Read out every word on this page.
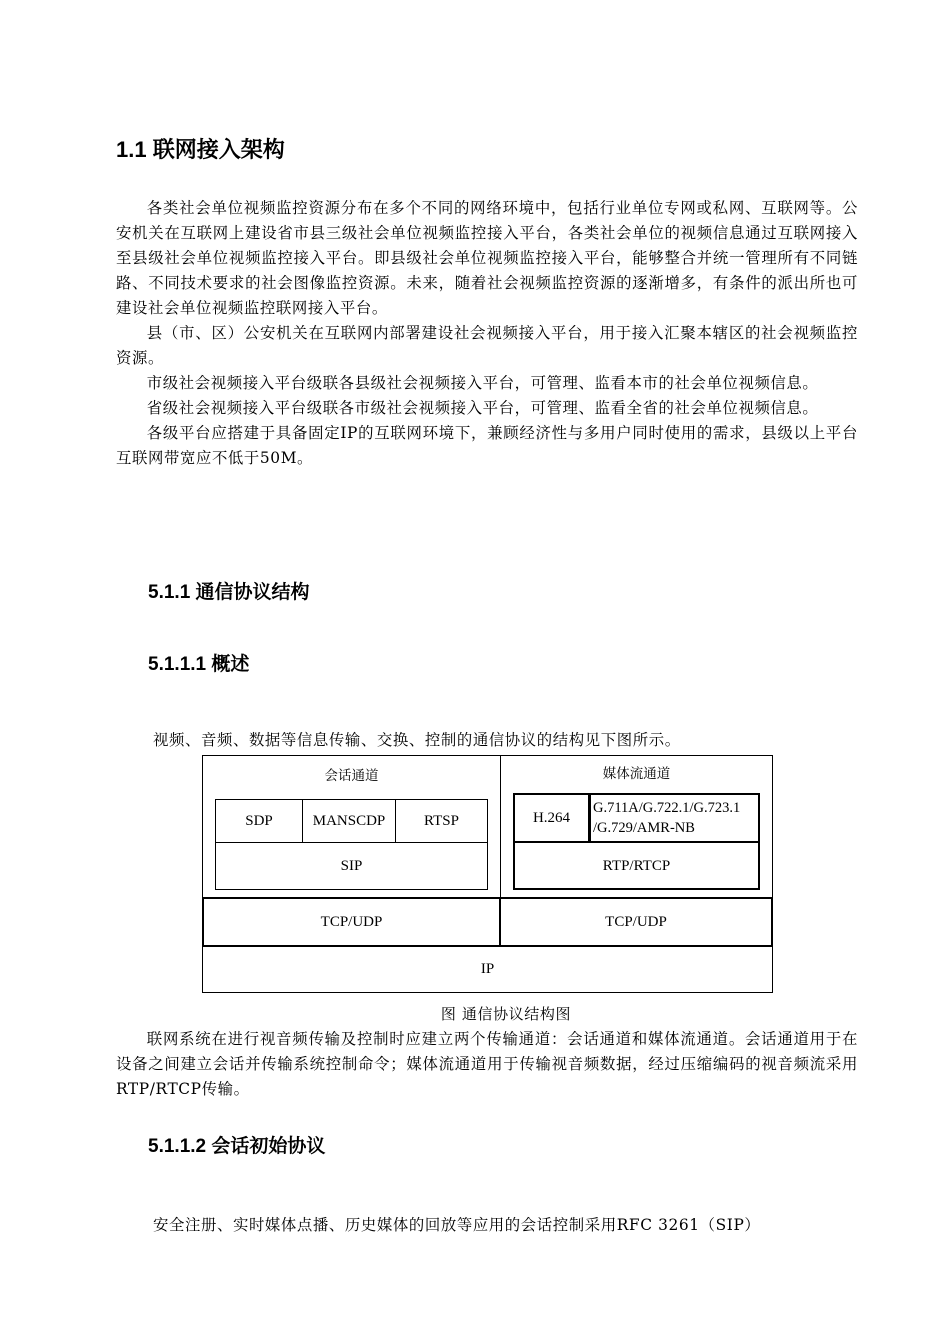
1.1 联网接入架构

各类社会单位视频监控资源分布在多个不同的网络环境中，包括行业单位专网或私网、互联网等。公安机关在互联网上建设省市县三级社会单位视频监控接入平台，各类社会单位的视频信息通过互联网接入至县级社会单位视频监控接入平台。即县级社会单位视频监控接入平台，能够整合并统一管理所有不同链路、不同技术要求的社会图像监控资源。未来，随着社会视频监控资源的逐渐增多，有条件的派出所也可建设社会单位视频监控联网接入平台。

县（市、区）公安机关在互联网内部署建设社会视频接入平台，用于接入汇聚本辖区的社会视频监控资源。

市级社会视频接入平台级联各县级社会视频接入平台，可管理、监看本市的社会单位视频信息。

省级社会视频接入平台级联各市级社会视频接入平台，可管理、监看全省的社会单位视频信息。

各级平台应搭建于具备固定IP的互联网环境下，兼顾经济性与多用户同时使用的需求，县级以上平台互联网带宽应不低于50M。

5.1.1 通信协议结构
5.1.1.1 概述

视频、音频、数据等信息传输、交换、控制的通信协议的结构见下图所示。

会话通道
SDP	MANSCDP	RTSP
SIP
媒体流通道
H.264
G.711A/G.722.1/G.723.1
/G.729/AMR-NB
RTP/RTCP
TCP/UDP	TCP/UDP
IP
图 通信协议结构图

联网系统在进行视音频传输及控制时应建立两个传输通道：会话通道和媒体流通道。会话通道用于在设备之间建立会话并传输系统控制命令；媒体流通道用于传输视音频数据，经过压缩编码的视音频流采用RTP/RTCP传输。

5.1.1.2 会话初始协议

安全注册、实时媒体点播、历史媒体的回放等应用的会话控制采用RFC 3261（SIP）
